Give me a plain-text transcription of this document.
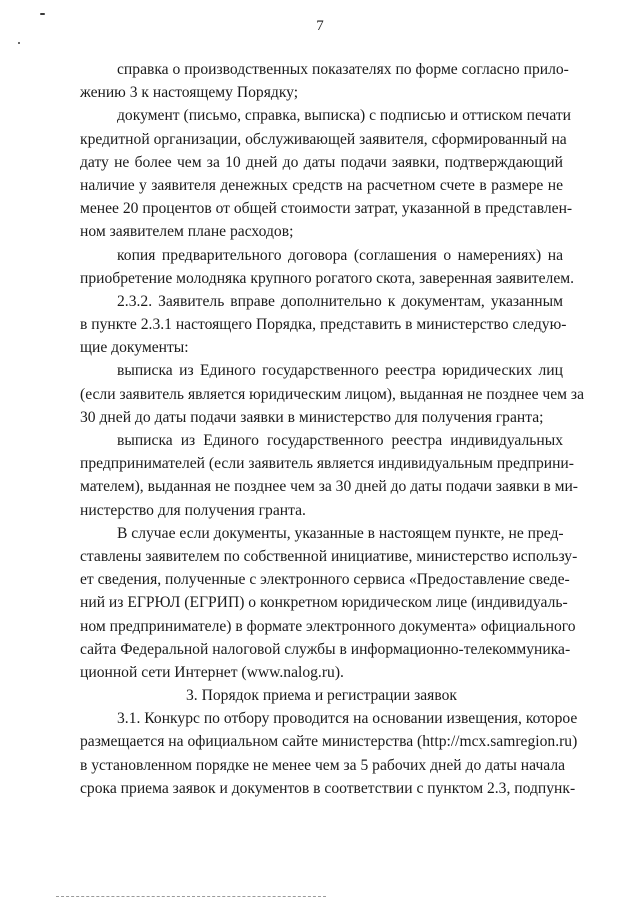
7
справка о производственных показателях по форме согласно прило-
жению 3 к настоящему Порядку;
документ (письмо, справка, выписка) с подписью и оттиском печати
кредитной организации, обслуживающей заявителя, сформированный на
дату не более чем за 10 дней до даты подачи заявки, подтверждающий
наличие у заявителя денежных средств на расчетном счете в размере не
менее 20 процентов от общей стоимости затрат, указанной в представлен-
ном заявителем плане расходов;
копия предварительного договора (соглашения о намерениях) на
приобретение молодняка крупного рогатого скота, заверенная заявителем.
2.3.2. Заявитель вправе дополнительно к документам, указанным
в пункте 2.3.1 настоящего Порядка, представить в министерство следую-
щие документы:
выписка из Единого государственного реестра юридических лиц
(если заявитель является юридическим лицом), выданная не позднее чем за
30 дней до даты подачи заявки в министерство для получения гранта;
выписка из Единого государственного реестра индивидуальных
предпринимателей (если заявитель является индивидуальным предприни-
мателем), выданная не позднее чем за 30 дней до даты подачи заявки в ми-
нистерство для получения гранта.
В случае если документы, указанные в настоящем пункте, не пред-
ставлены заявителем по собственной инициативе, министерство использу-
ет сведения, полученные с электронного сервиса «Предоставление сведе-
ний из ЕГРЮЛ (ЕГРИП) о конкретном юридическом лице (индивидуаль-
ном предпринимателе) в формате электронного документа» официального
сайта Федеральной налоговой службы в информационно-телекоммуника-
ционной сети Интернет (www.nalog.ru).
3. Порядок приема и регистрации заявок
3.1. Конкурс по отбору проводится на основании извещения, которое
размещается на официальном сайте министерства (http://mcx.samregion.ru)
в установленном порядке не менее чем за 5 рабочих дней до даты начала
срока приема заявок и документов в соответствии с пунктом 2.3, подпунк-
